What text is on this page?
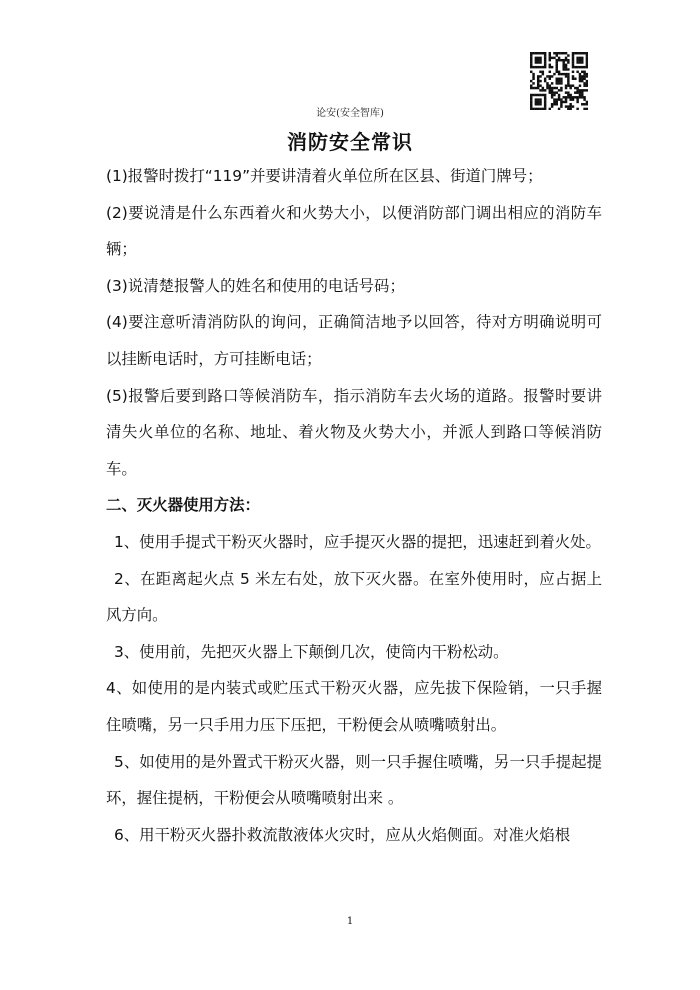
论安(安全智库)
消防安全常识

(1)报警时拨打“119”并要讲清着火单位所在区县、街道门牌号；

(2)要说清是什么东西着火和火势大小，以便消防部门调出相应的消防车辆；

(3)说清楚报警人的姓名和使用的电话号码；

(4)要注意听清消防队的询问，正确简洁地予以回答，待对方明确说明可以挂断电话时，方可挂断电话；

(5)报警后要到路口等候消防车，指示消防车去火场的道路。报警时要讲清失火单位的名称、地址、着火物及火势大小，并派人到路口等候消防车。

二、灭火器使用方法：

1、使用手提式干粉灭火器时，应手提灭火器的提把，迅速赶到着火处。

2、在距离起火点 5 米左右处，放下灭火器。在室外使用时，应占据上风方向。

3、使用前，先把灭火器上下颠倒几次，使筒内干粉松动。

4、如使用的是内装式或贮压式干粉灭火器，应先拔下保险销，一只手握住喷嘴，另一只手用力压下压把，干粉便会从喷嘴喷射出。

5、如使用的是外置式干粉灭火器，则一只手握住喷嘴，另一只手提起提环，握住提柄，干粉便会从喷嘴喷射出来 。

6、用干粉灭火器扑救流散液体火灾时，应从火焰侧面。对准火焰根

1
